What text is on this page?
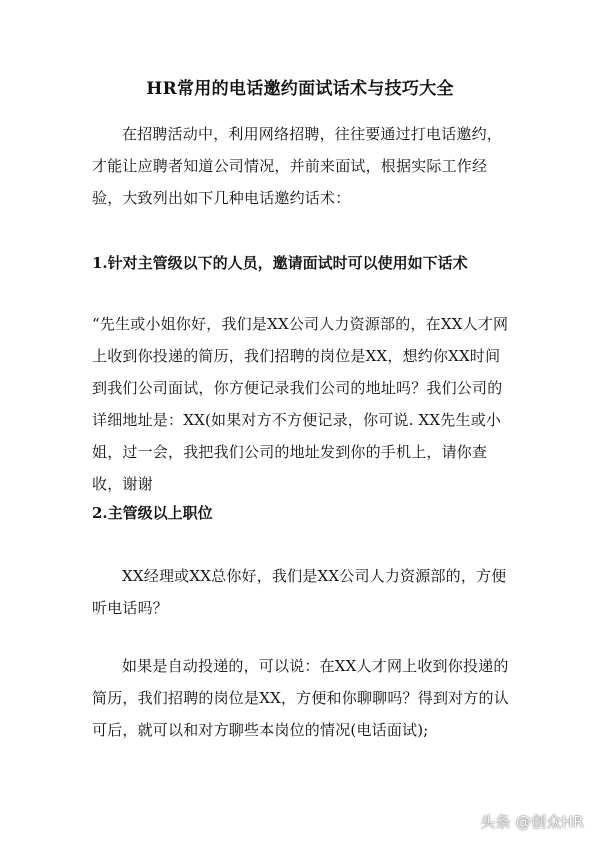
HR常用的电话邀约面试话术与技巧大全

在招聘活动中，利用网络招聘，往往要通过打电话邀约，才能让应聘者知道公司情况，并前来面试，根据实际工作经验，大致列出如下几种电话邀约话术：

1.针对主管级以下的人员，邀请面试时可以使用如下话术

“先生或小姐你好，我们是XX公司人力资源部的，在XX人才网上收到你投递的简历，我们招聘的岗位是XX，想约你XX时间到我们公司面试，你方便记录我们公司的地址吗？我们公司的详细地址是：XX(如果对方不方便记录，你可说. XX先生或小姐，过一会，我把我们公司的地址发到你的手机上，请你查收，谢谢

2.主管级以上职位

XX经理或XX总你好，我们是XX公司人力资源部的，方便听电话吗？

如果是自动投递的，可以说：在XX人才网上收到你投递的简历，我们招聘的岗位是XX，方便和你聊聊吗？得到对方的认可后，就可以和对方聊些本岗位的情况(电话面试);

头条 @创众HR
